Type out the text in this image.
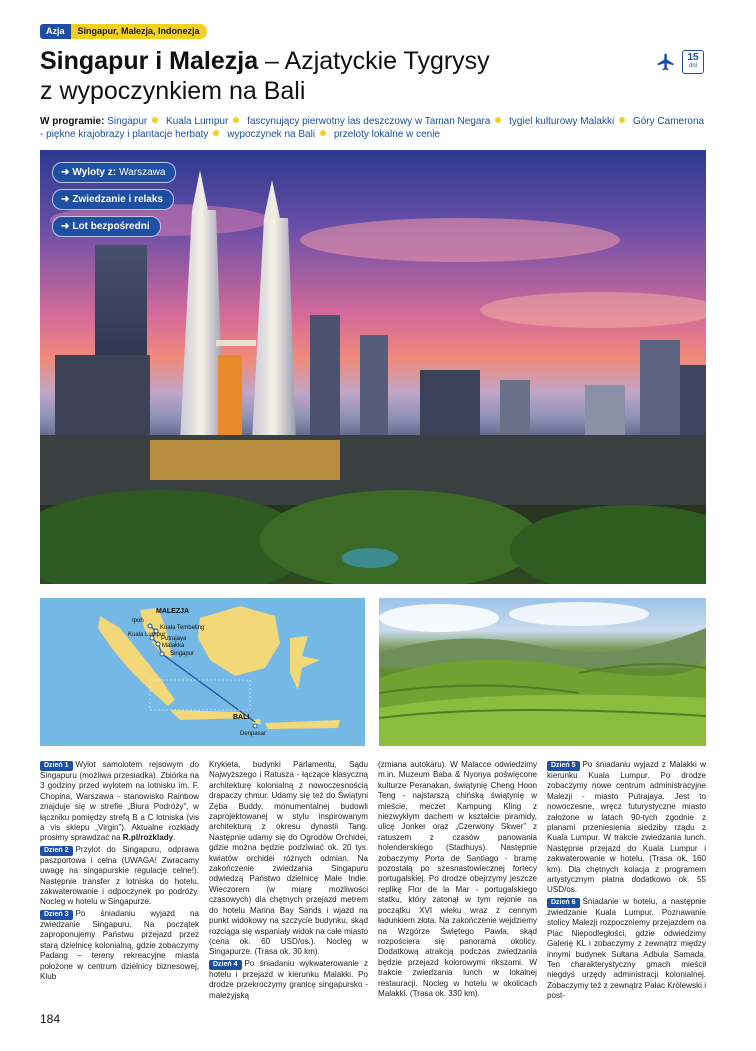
Azja	Singapur, Malezja, Indonezja
Singapur i Malezja – Azjatyckie Tygrysy
z wypoczynkiem na Bali
15
dni
W programie: Singapur Kuala Lumpur fascynujący pierwotny las deszczowy w Taman Negara tygiel kulturowy Malakki Góry Camerona
- piękne krajobrazy i plantacje herbaty wypoczynek na Bali przeloty lokalne w cenie
➜ Wyloty z: Warszawa
➜ Zwiedzanie i relaks
➜ Lot bezpośredni
MALEZJA
Ipoh
Kuala Tembeling
Kuala Lumpur
Putrajaya
Malakka
Singapur
BALI
Denpasar

Dzień 1 Wylot samolotem rejsowym do Singapuru (możliwa przesiadka). Zbiórka na 3 godziny przed wylotem na lotnisku im. F. Chopina, Warszawa - stanowisko Rainbow znajduje się w strefie „Biura Podróży”, w łączniku pomiędzy strefą B a C lotniska (vis a vis sklepu „Virgin”). Aktualne rozkłady prosimy sprawdzać na R.pl/rozklady.

Dzień 2 Przylot do Singapuru, odprawa paszportowa i celna (UWAGA! Zwracamy uwagę na singapurskie regulacje celne!). Następnie transfer z lotniska do hotelu, zakwaterowanie i odpoczynek po podróży. Nocleg w hotelu w Singapurze.

Dzień 3 Po śniadaniu wyjazd na zwiedzanie Singapuru. Na początek zaproponujemy Państwu przejazd przez starą dzielnicę kolonialną, gdzie zobaczymy Padang – tereny rekreacyjne miasta położone w centrum dzielnicy biznesowej, Klub

Krykieta, budynki Parlamentu, Sądu Najwyższego i Ratusza - łączące klasyczną architekturę kolonialną z nowoczesnością drapaczy chmur. Udamy się też do Świątyni Zęba Buddy, monumentalnej budowli zaprojektowanej w stylu inspirowanym architekturą z okresu dynastii Tang. Następnie udamy się do Ogrodów Orchidei, gdzie można będzie podziwiać ok. 20 tys. kwiatów orchidei różnych odmian. Na zakończenie zwiedzania Singapuru odwiedzą Państwo dzielnicę Małe Indie. Wieczorem (w miarę możliwości czasowych) dla chętnych przejazd metrem do hotelu Marina Bay Sands i wjazd na punkt widokowy na szczycie budynku, skąd rozciąga się wspaniały widok na całe miasto (cena ok. 60 USD/os.). Nocleg w Singapurze. (Trasa ok. 30 km).

Dzień 4 Po śniadaniu wykwaterowanie z hotelu i przejazd w kierunku Malakki. Po drodze przekroczymy granicę singapursko - malezyjską

(zmiana autokaru). W Malacce odwiedzimy m.in. Muzeum Baba & Nyonya poświęcone kulturze Peranakan, świątynię Cheng Hoon Teng - najstarszą chińską świątynię w mieście, meczet Kampung Kling z niezwykłym dachem w kształcie piramidy, ulicę Jonker oraz „Czerwony Skwer” z ratuszem z czasów panowania holenderskiego (Stadhuys). Następnie zobaczymy Porta de Santiago - bramę pozostałą po szesnastowiecznej fortecy portugalskiej. Po drodze obejrzymy jeszcze replikę Flor de la Mar - portugalskiego statku, który zatonął w tym rejonie na początku XVI wieku wraz z cennym ładunkiem złota. Na zakończenie wejdziemy na Wzgórze Świętego Pawła, skąd rozpościera się panorama okolicy. Dodatkową atrakcją podczas zwiedzania będzie przejazd kolorowymi rikszami. W trakcie zwiedzania lunch w lokalnej restauracji. Nocleg w hotelu w okolicach Malakki. (Trasa ok. 330 km).

Dzień 5 Po śniadaniu wyjazd z Malakki w kierunku Kuala Lumpur. Po drodze zobaczymy nowe centrum administracyjne Malezji - miasto Putrajaya. Jest to nowoczesne, wręcz futurystyczne miasto założone w latach 90-tych zgodnie z planami przeniesienia siedziby rządu z Kuala Lumpur. W trakcie zwiedzania lunch. Następnie przejazd do Kuala Lumpur i zakwaterowanie w hotelu. (Trasa ok. 160 km). Dla chętnych kolacja z programem artystycznym płatna dodatkowo ok. 55 USD/os.

Dzień 6 Śniadanie w hotelu, a następnie zwiedzanie Kuala Lumpur. Poznawanie stolicy Malezji rozpoczniemy przejazdem na Plac Niepodległości, gdzie odwiedzimy Galerię KL i zobaczymy z zewnątrz między innymi budynek Sułtana Adbula Samada. Ten charakterystyczny gmach mieścił niegdyś urzędy administracji kolonialnej. Zobaczymy też z zewnątrz Pałac Królewski i post-

184
